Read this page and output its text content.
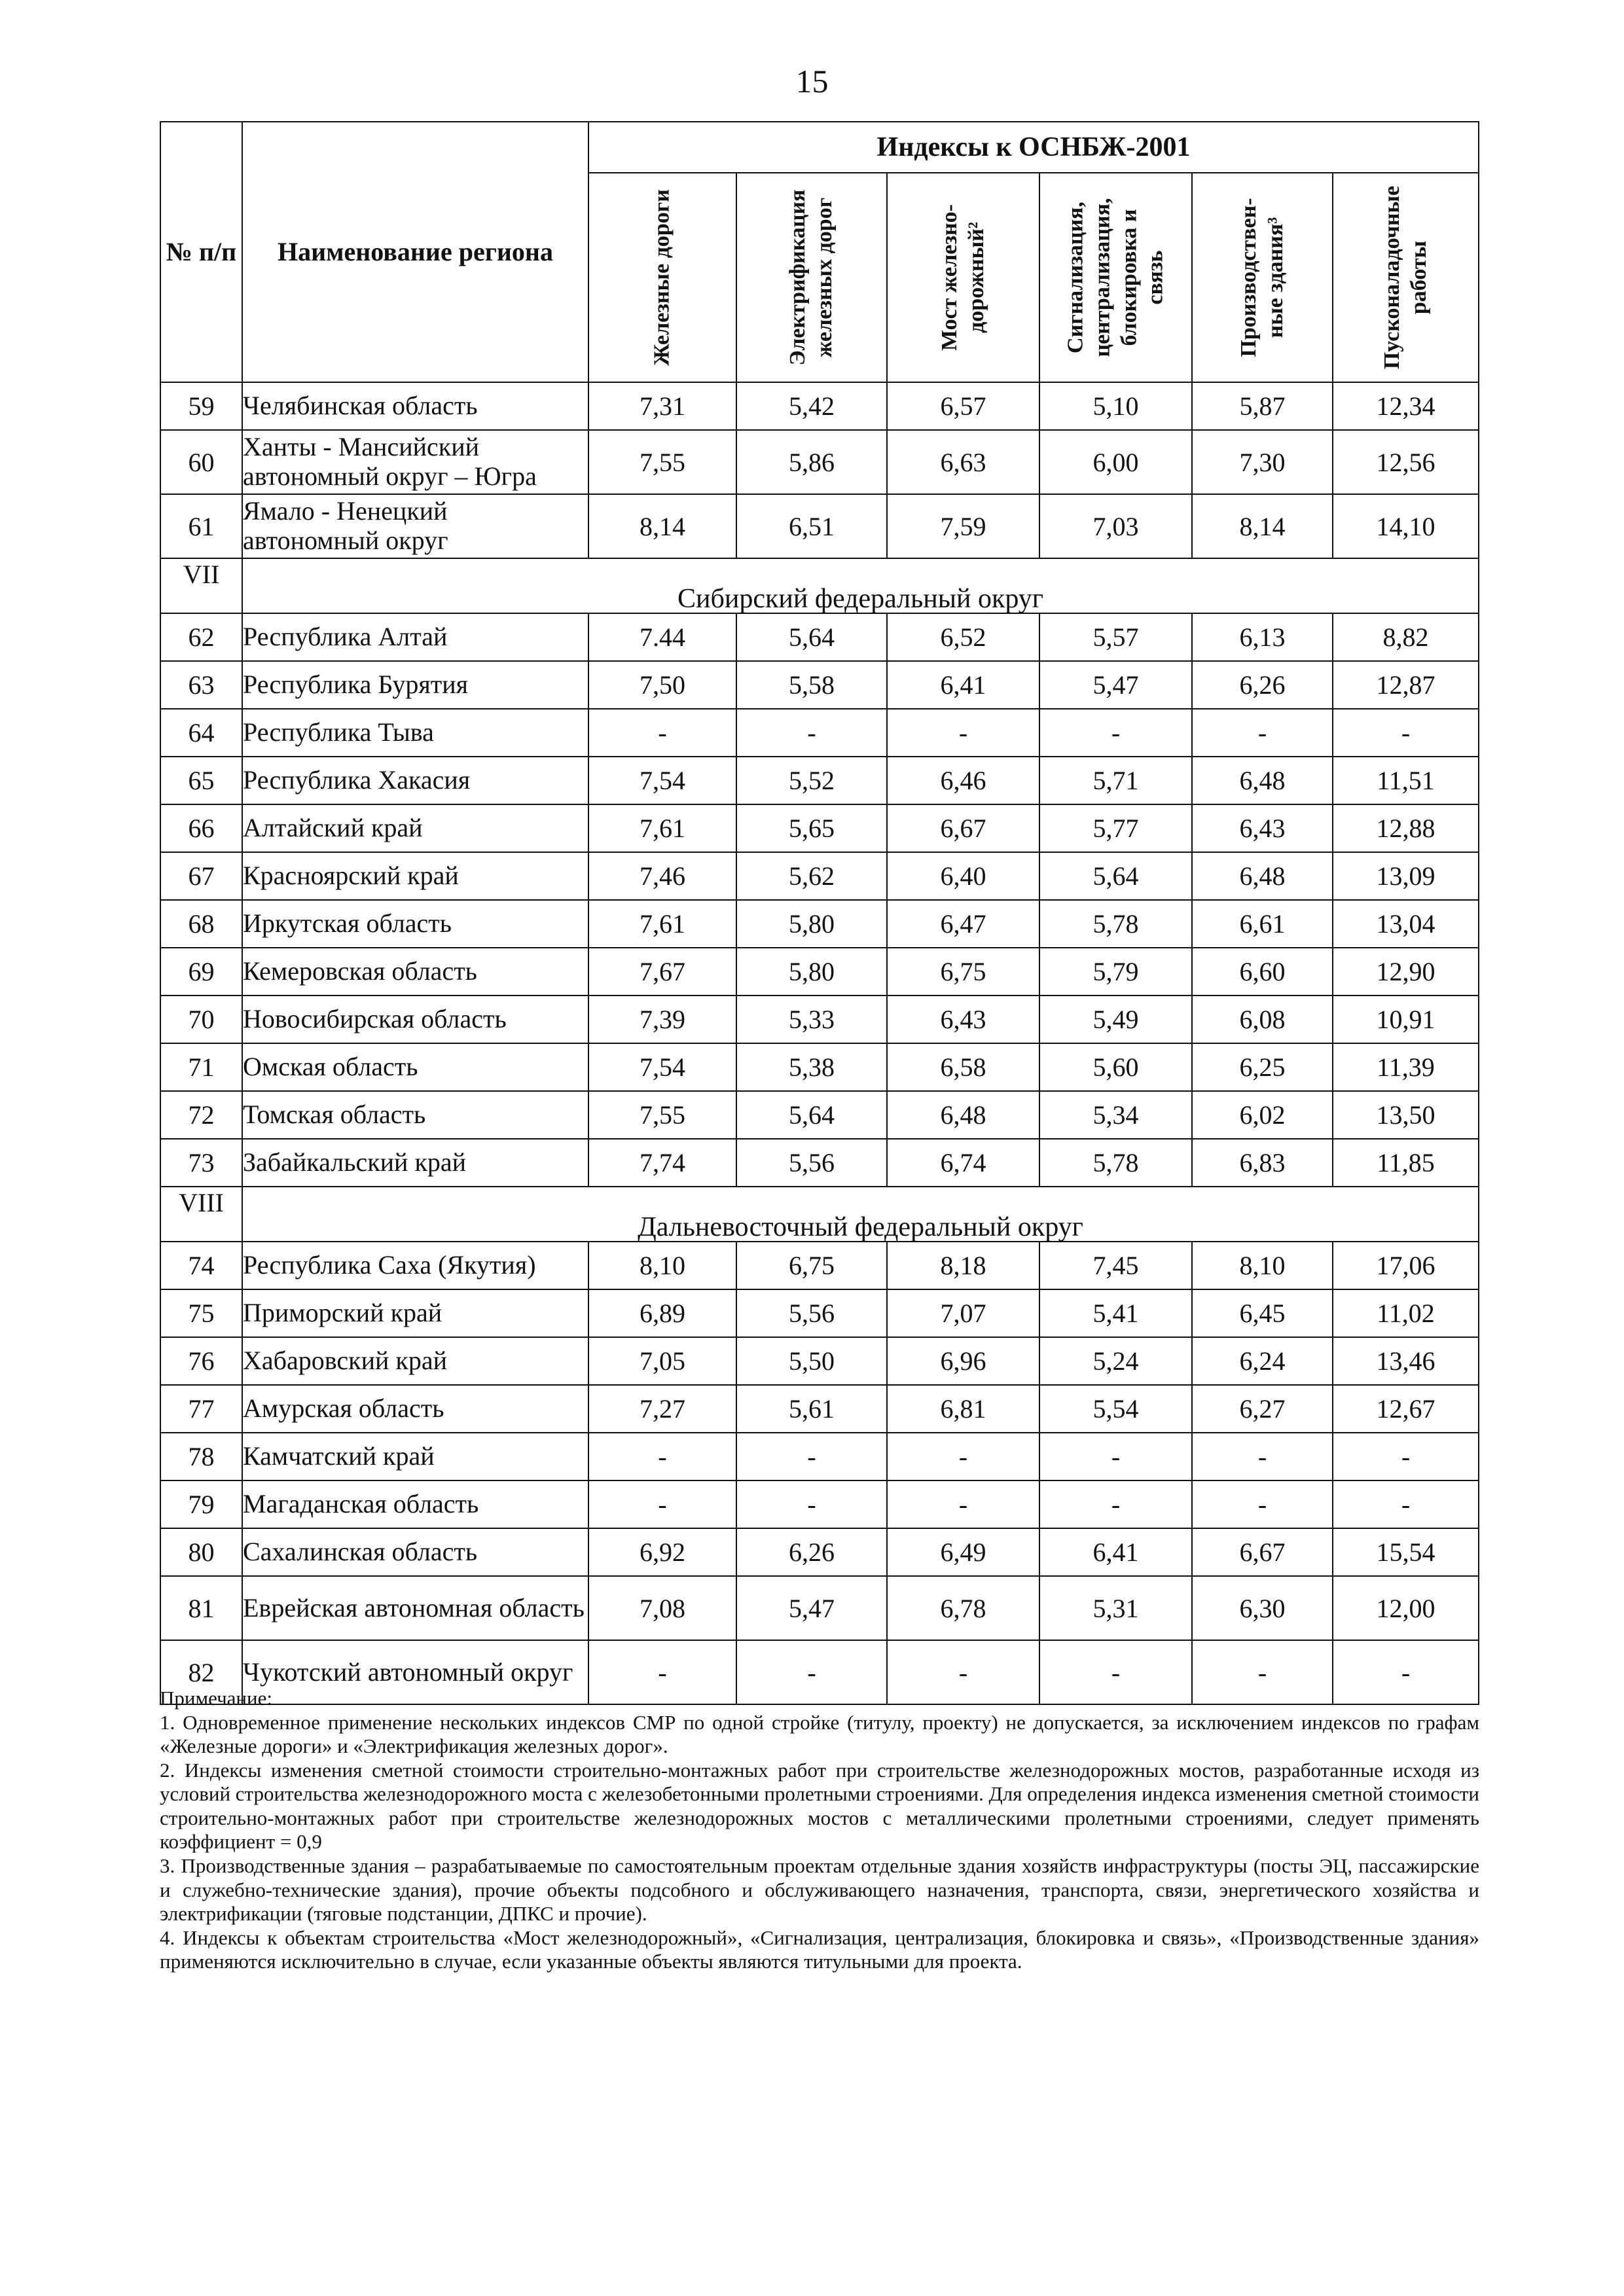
15
№ п/п	Наименование региона	Индексы к ОСНБЖ-2001					

		Железные дороги	Электрификация железных дорог	Мост железно-дорожный²	Сигнализация, централизация, блокировка и связь	Производствен-ные здания³	Пусконаладочные работы

59	Челябинская область	7,31	5,42	6,57	5,10	5,87	12,34
60	Ханты - Мансийский автономный округ – Югра	7,55	5,86	6,63	6,00	7,30	12,56
61	Ямало - Ненецкий автономный округ	8,14	6,51	7,59	7,03	8,14	14,10
VII	Сибирский федеральный округ						
62	Республика Алтай	7.44	5,64	6,52	5,57	6,13	8,82
63	Республика Бурятия	7,50	5,58	6,41	5,47	6,26	12,87
64	Республика Тыва	-	-	-	-	-	-
65	Республика Хакасия	7,54	5,52	6,46	5,71	6,48	11,51
66	Алтайский край	7,61	5,65	6,67	5,77	6,43	12,88
67	Красноярский край	7,46	5,62	6,40	5,64	6,48	13,09
68	Иркутская область	7,61	5,80	6,47	5,78	6,61	13,04
69	Кемеровская область	7,67	5,80	6,75	5,79	6,60	12,90
70	Новосибирская область	7,39	5,33	6,43	5,49	6,08	10,91
71	Омская область	7,54	5,38	6,58	5,60	6,25	11,39
72	Томская область	7,55	5,64	6,48	5,34	6,02	13,50
73	Забайкальский край	7,74	5,56	6,74	5,78	6,83	11,85
VIII	Дальневосточный федеральный округ						
74	Республика Саха (Якутия)	8,10	6,75	8,18	7,45	8,10	17,06
75	Приморский край	6,89	5,56	7,07	5,41	6,45	11,02
76	Хабаровский край	7,05	5,50	6,96	5,24	6,24	13,46
77	Амурская область	7,27	5,61	6,81	5,54	6,27	12,67
78	Камчатский край	-	-	-	-	-	-
79	Магаданская область	-	-	-	-	-	-
80	Сахалинская область	6,92	6,26	6,49	6,41	6,67	15,54
81	Еврейская автономная область	7,08	5,47	6,78	5,31	6,30	12,00
82	Чукотский автономный округ	-	-	-	-	-	-

Примечание:

1. Одновременное применение нескольких индексов СМР по одной стройке (титулу, проекту) не допускается, за исключением индексов по графам «Железные дороги» и «Электрификация железных дорог».

2. Индексы изменения сметной стоимости строительно-монтажных работ при строительстве железнодорожных мостов, разработанные исходя из условий строительства железнодорожного моста с железобетонными пролетными строениями. Для определения индекса изменения сметной стоимости строительно-монтажных работ при строительстве железнодорожных мостов с металлическими пролетными строениями, следует применять коэффициент = 0,9

3. Производственные здания – разрабатываемые по самостоятельным проектам отдельные здания хозяйств инфраструктуры (посты ЭЦ, пассажирские и служебно-технические здания), прочие объекты подсобного и обслуживающего назначения, транспорта, связи, энергетического хозяйства и электрификации (тяговые подстанции, ДПКС и прочие).

4. Индексы к объектам строительства «Мост железнодорожный», «Сигнализация, централизация, блокировка и связь», «Производственные здания» применяются исключительно в случае, если указанные объекты являются титульными для проекта.
